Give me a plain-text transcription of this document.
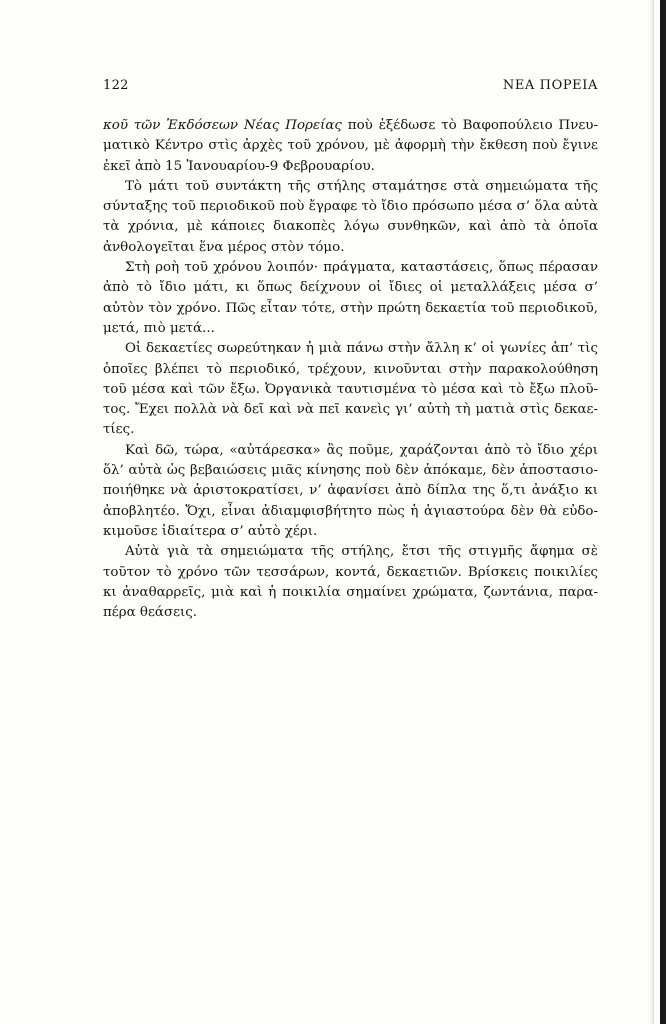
122	ΝΕΑ ΠΟΡΕΙΑ

κοῦ τῶν Ἐκδόσεων Νέας Πορείας ποὺ ἐξέδωσε τὸ Βαφοπούλειο Πνευματικὸ Κέντρο στὶς ἀρχὲς τοῦ χρόνου, μὲ ἀφορμὴ τὴν ἔκθεση ποὺ ἔγινε ἐκεῖ ἀπὸ 15 Ἰανουαρίου-9 Φεβρουαρίου.

Τὸ μάτι τοῦ συντάκτη τῆς στήλης σταμάτησε στὰ σημειώματα τῆς σύνταξης τοῦ περιοδικοῦ ποὺ ἔγραφε τὸ ἴδιο πρόσωπο μέσα σ’ ὅλα αὐτὰ τὰ χρόνια, μὲ κάποιες διακοπὲς λόγω συνθηκῶν, καὶ ἀπὸ τὰ ὁποῖα ἀνθολογεῖται ἕνα μέρος στὸν τόμο.

Στὴ ροὴ τοῦ χρόνου λοιπόν· πράγματα, καταστάσεις, ὅπως πέρασαν ἀπὸ τὸ ἴδιο μάτι, κι ὅπως δείχνουν οἱ ἴδιες οἱ μεταλλάξεις μέσα σ’ αὐτὸν τὸν χρόνο. Πῶς εἶταν τότε, στὴν πρώτη δεκαετία τοῦ περιοδικοῦ, μετά, πιὸ μετά...

Οἱ δεκαετίες σωρεύτηκαν ἡ μιὰ πάνω στὴν ἄλλη κ’ οἱ γωνίες ἀπ’ τὶς ὁποῖες βλέπει τὸ περιοδικό, τρέχουν, κινοῦνται στὴν παρακολούθηση τοῦ μέσα καὶ τῶν ἔξω. Ὀργανικὰ ταυτισμένα τὸ μέσα καὶ τὸ ἔξω πλοῦτος. Ἔχει πολλὰ νὰ δεῖ καὶ νὰ πεῖ κανεὶς γι’ αὐτὴ τὴ ματιὰ στὶς δεκαετίες.

Καὶ δῶ, τώρα, «αὐτάρεσκα» ἂς ποῦμε, χαράζονται ἀπὸ τὸ ἴδιο χέρι ὅλ’ αὐτὰ ὡς βεβαιώσεις μιᾶς κίνησης ποὺ δὲν ἀπόκαμε, δὲν ἀποστασιοποιήθηκε νὰ ἀριστοκρατίσει, ν’ ἀφανίσει ἀπὸ δίπλα της ὅ,τι ἀνάξιο κι ἀποβλητέο. Ὄχι, εἶναι ἀδιαμφισβήτητο πὼς ἡ ἁγιαστούρα δὲν θὰ εὐδοκιμοῦσε ἰδιαίτερα σ’ αὐτὸ χέρι.

Αὐτὰ γιὰ τὰ σημειώματα τῆς στήλης, ἔτσι τῆς στιγμῆς ἄφημα σὲ τοῦτον τὸ χρόνο τῶν τεσσάρων, κοντά, δεκαετιῶν. Βρίσκεις ποικιλίες κι ἀναθαρρεῖς, μιὰ καὶ ἡ ποικιλία σημαίνει χρώματα, ζωντάνια, παραπέρα θεάσεις.
